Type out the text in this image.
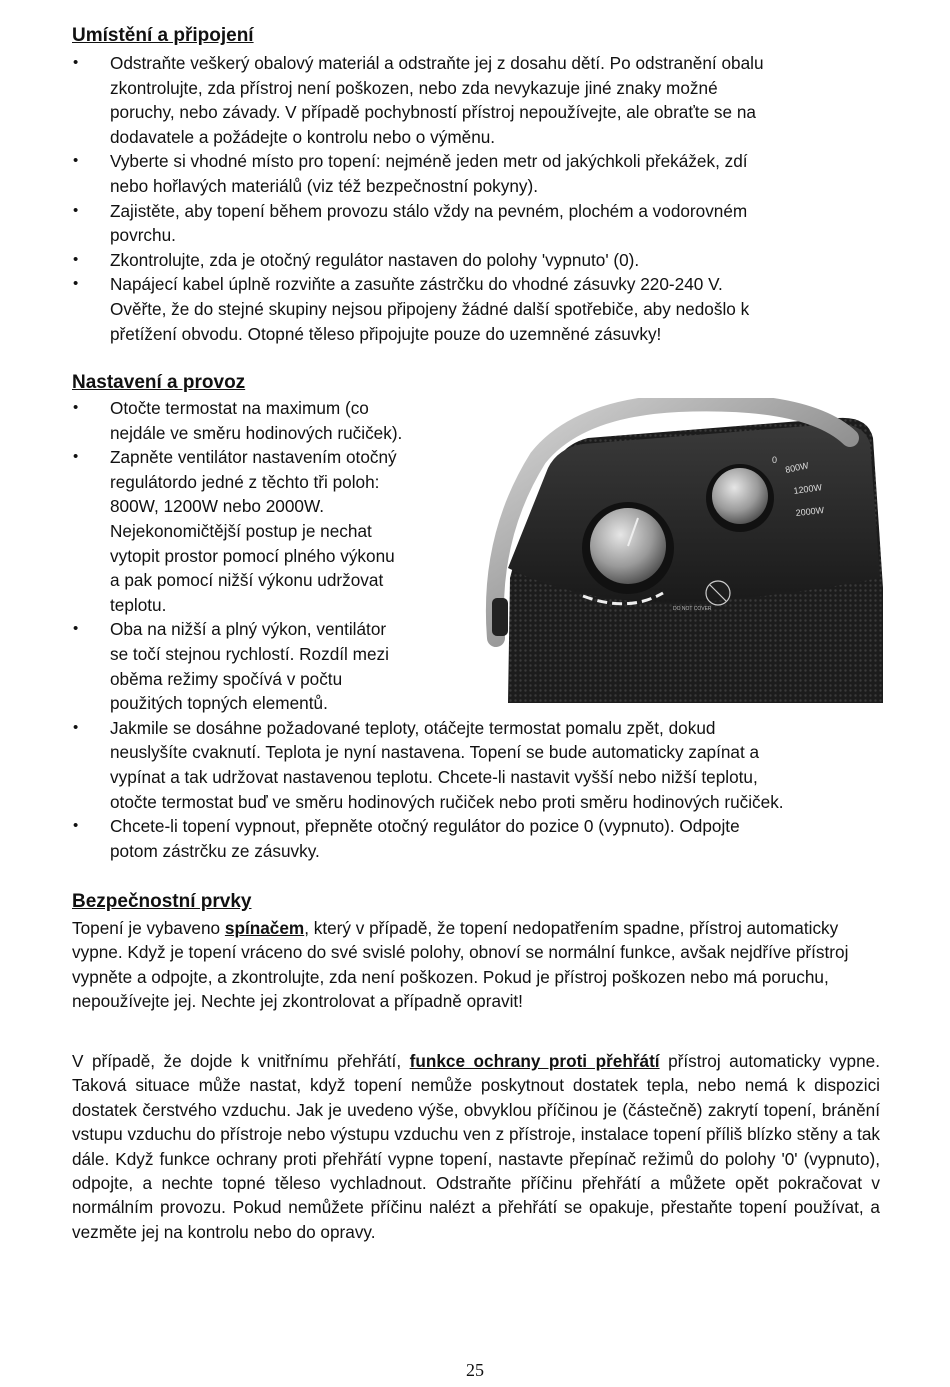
Umístění a připojení
• Odstraňte veškerý obalový materiál a odstraňte jej z dosahu dětí. Po odstranění obalu
zkontrolujte, zda přístroj není poškozen, nebo zda nevykazuje jiné znaky možné
poruchy, nebo závady. V případě pochybností přístroj nepoužívejte, ale obraťte se na
dodavatele a požádejte o kontrolu nebo o výměnu.
• Vyberte si vhodné místo pro topení: nejméně jeden metr od jakýchkoli překážek, zdí
nebo hořlavých materiálů (viz též bezpečnostní pokyny).
• Zajistěte, aby topení během provozu stálo vždy na pevném, plochém a vodorovném
povrchu.
• Zkontrolujte, zda je otočný regulátor nastaven do polohy 'vypnuto' (0).
• Napájecí kabel úplně rozviňte a zasuňte zástrčku do vhodné zásuvky 220-240 V.
Ověřte, že do stejné skupiny nejsou připojeny žádné další spotřebiče, aby nedošlo k
přetížení obvodu. Otopné těleso připojujte pouze do uzemněné zásuvky!
Nastavení a provoz
• Otočte termostat na maximum (co
nejdále ve směru hodinových ručiček).
• Zapněte ventilátor nastavením otočný
regulátordo jedné z těchto tři poloh:
800W, 1200W nebo 2000W.
Nejekonomičtější postup je nechat
vytopit prostor pomocí plného výkonu
a pak pomocí nižší výkonu udržovat
teplotu.
• Oba na nižší a plný výkon, ventilátor
se točí stejnou rychlostí. Rozdíl mezi
oběma režimy spočívá v počtu
použitých topných elementů.
• Jakmile se dosáhne požadované teploty, otáčejte termostat pomalu zpět, dokud
neuslyšíte cvaknutí. Teplota je nyní nastavena. Topení se bude automaticky zapínat a
vypínat a tak udržovat nastavenou teplotu. Chcete-li nastavit vyšší nebo nižší teplotu,
otočte termostat buď ve směru hodinových ručiček nebo proti směru hodinových ručiček.
• Chcete-li topení vypnout, přepněte otočný regulátor do pozice 0 (vypnuto). Odpojte
potom zástrčku ze zásuvky.
0
800W
1200W
2000W
DO NOT COVER
Bezpečnostní prvky

Topení je vybaveno spínačem, který v případě, že topení nedopatřením spadne, přístroj automaticky vypne. Když je topení vráceno do své svislé polohy, obnoví se normální funkce, avšak nejdříve přístroj vypněte a odpojte, a zkontrolujte, zda není poškozen. Pokud je přístroj poškozen nebo má poruchu, nepoužívejte jej. Nechte jej zkontrolovat a případně opravit!

V případě, že dojde k vnitřnímu přehřátí, funkce ochrany proti přehřátí přístroj automaticky vypne. Taková situace může nastat, když topení nemůže poskytnout dostatek tepla, nebo nemá k dispozici dostatek čerstvého vzduchu. Jak je uvedeno výše, obvyklou příčinou je (částečně) zakrytí topení, bránění vstupu vzduchu do přístroje nebo výstupu vzduchu ven z přístroje, instalace topení příliš blízko stěny a tak dále. Když funkce ochrany proti přehřátí vypne topení, nastavte přepínač režimů do polohy '0' (vypnuto), odpojte, a nechte topné těleso vychladnout. Odstraňte příčinu přehřátí a můžete opět pokračovat v normálním provozu. Pokud nemůžete příčinu nalézt a přehřátí se opakuje, přestaňte topení používat, a vezměte jej na kontrolu nebo do opravy.

25
